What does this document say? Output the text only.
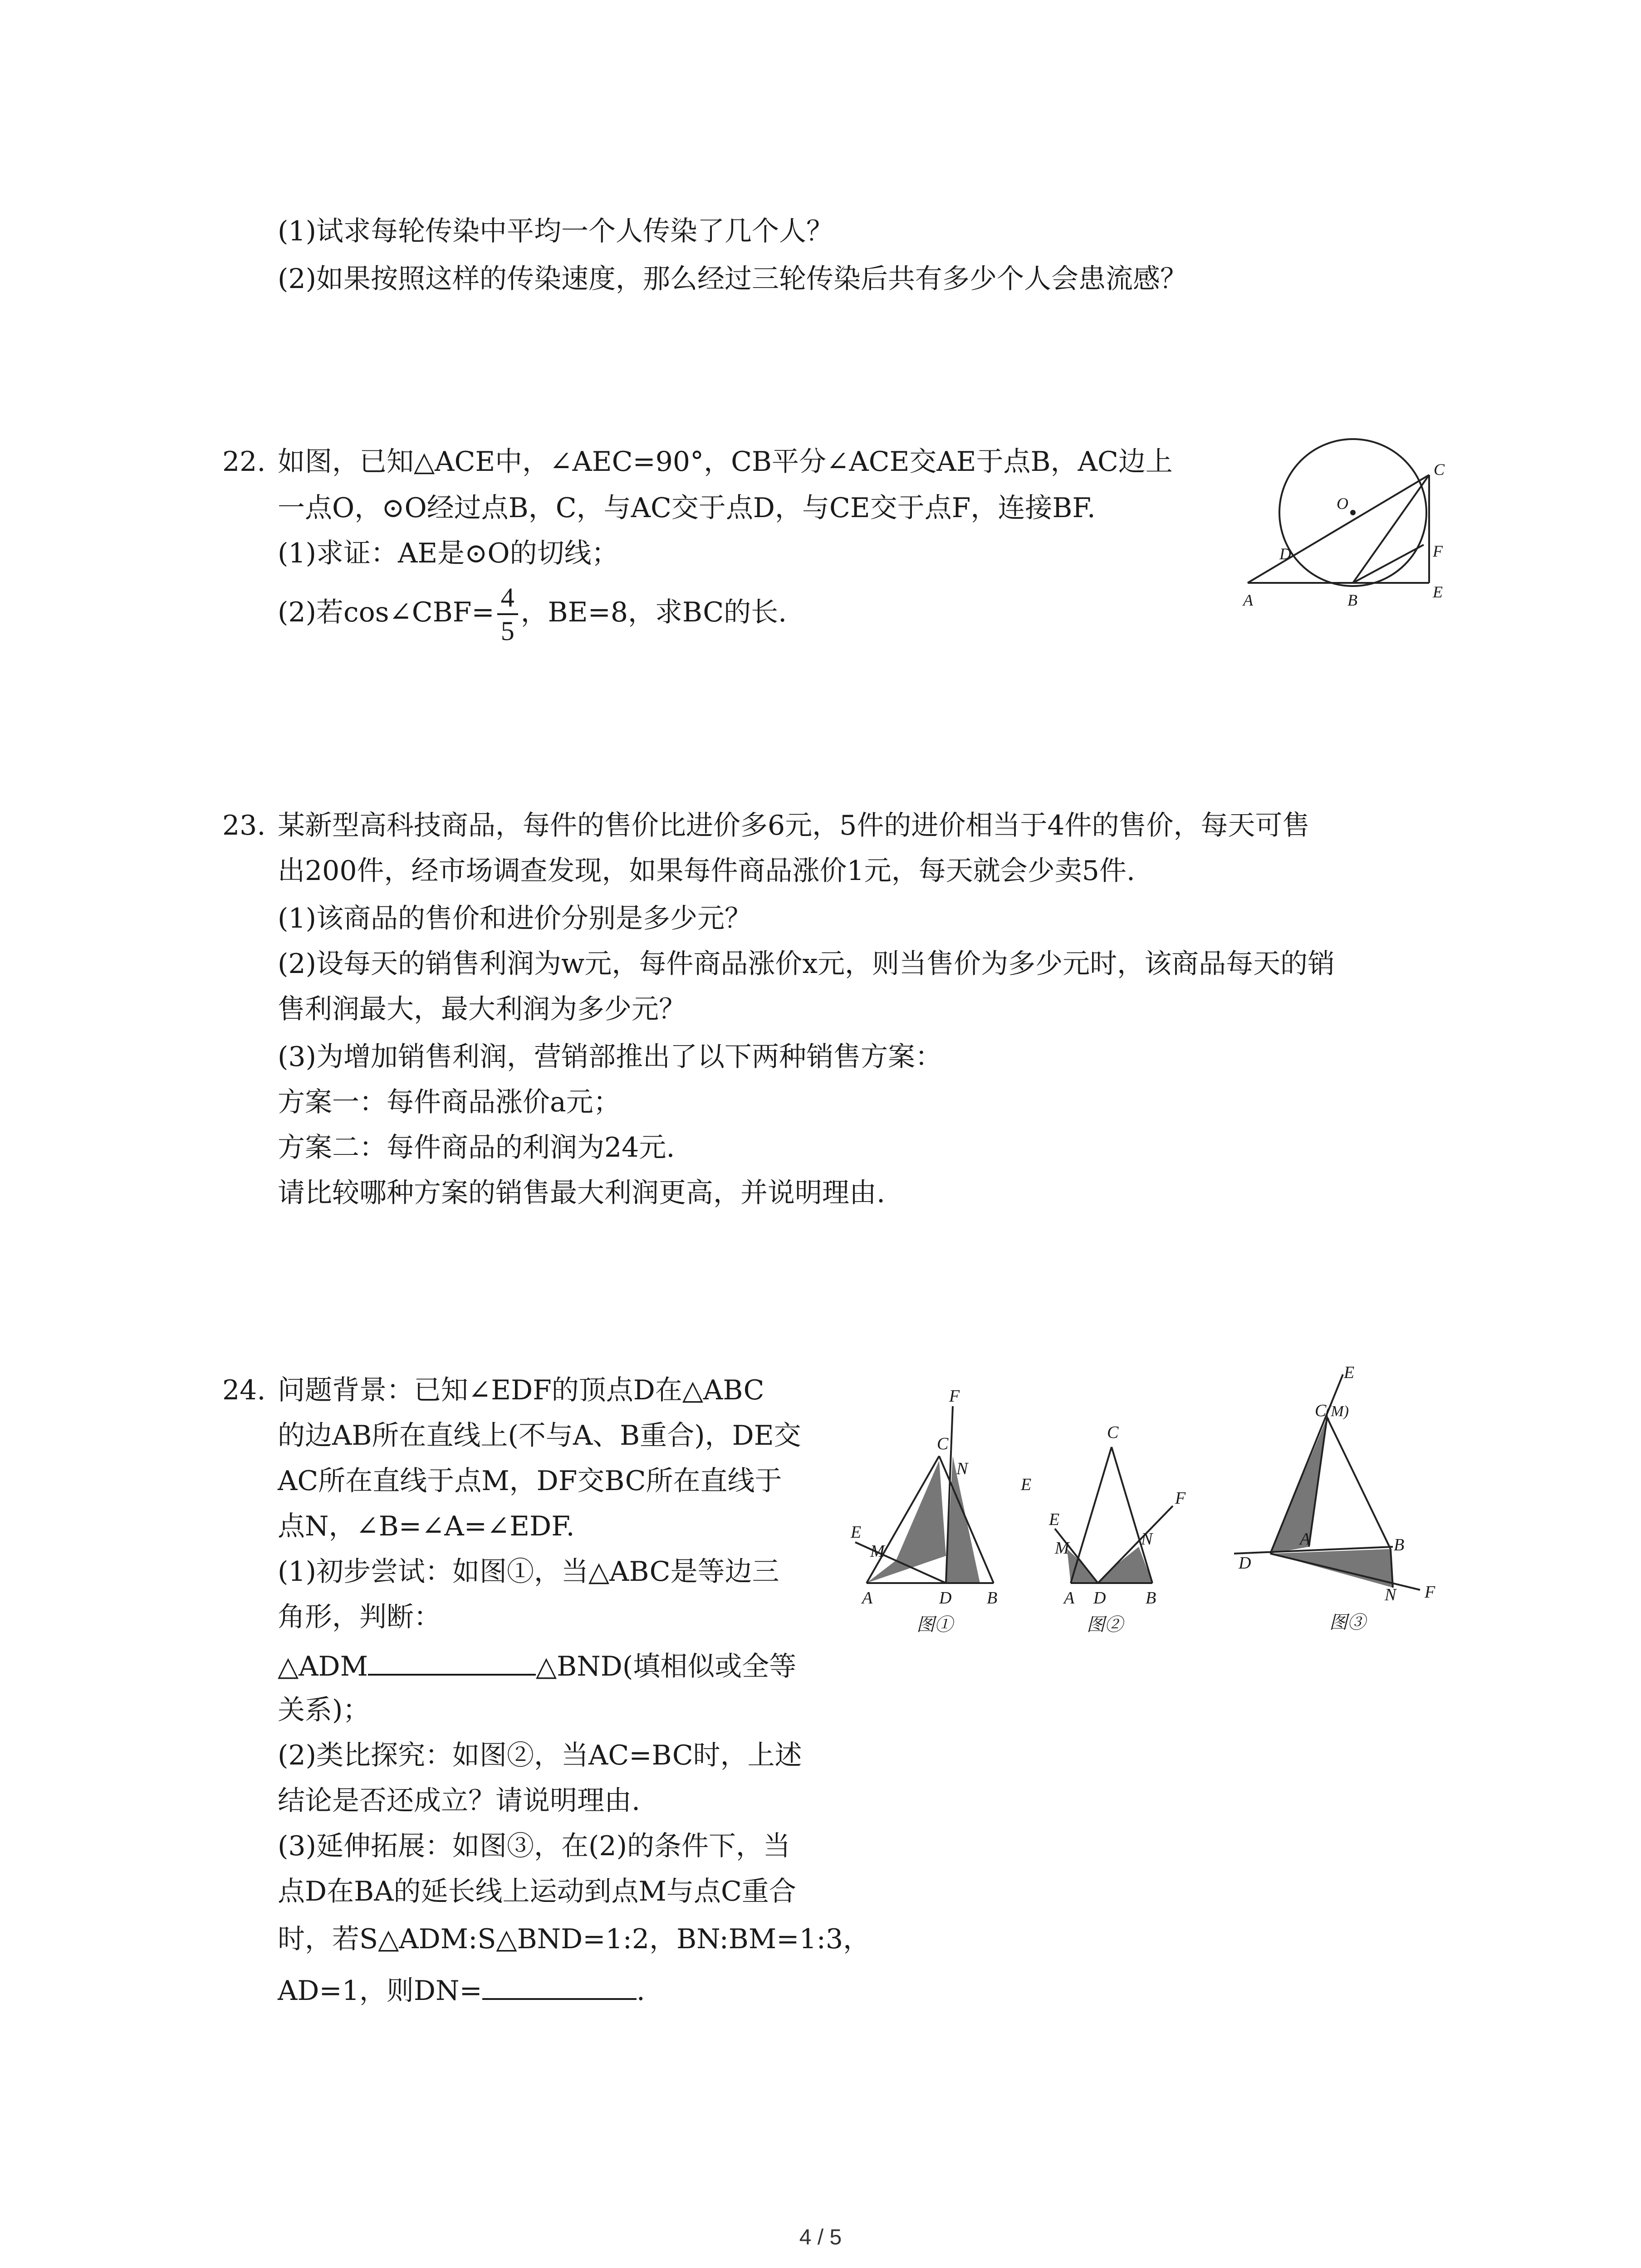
(1)试求每轮传染中平均一个人传染了几个人？
(2)如果按照这样的传染速度，那么经过三轮传染后共有多少个人会患流感？
22. 如图，已知△ACE中，∠AEC=90°，CB平分∠ACE交AE于点B，AC边上
一点O，⊙O经过点B，C，与AC交于点D，与CE交于点F，连接BF.
(1)求证：AE是⊙O的切线；
(2)若cos∠CBF= $\frac{4}{5}$ ，BE=8，求BC的长.
O
C
D	F
A	B	E
23. 某新型高科技商品，每件的售价比进价多6元，5件的进价相当于4件的售价，每天可售
出200件，经市场调查发现，如果每件商品涨价1元，每天就会少卖5件.
(1)该商品的售价和进价分别是多少元？
(2)设每天的销售利润为w元，每件商品涨价x元，则当售价为多少元时，该商品每天的销
售利润最大，最大利润为多少元？
(3)为增加销售利润，营销部推出了以下两种销售方案：
方案一：每件商品涨价a元；
方案二：每件商品的利润为24元.
请比较哪种方案的销售最大利润更高，并说明理由.
24. 问题背景：已知∠EDF的顶点D在△ABC
的边AB所在直线上(不与A、B重合)，DE交
AC所在直线于点M，DF交BC所在直线于
点N，∠B=∠A=∠EDF.
(1)初步尝试：如图①，当△ABC是等边三
角形，判断：
△ADM	△BND(填相似或全等
关系)；
(2)类比探究：如图②，当AC=BC时，上述
结论是否还成立？请说明理由.
(3)延伸拓展：如图③，在(2)的条件下，当
点D在BA的延长线上运动到点M与点C重合
时，若S△ADM:S△BND=1:2，BN:BM=1:3，
AD=1，则DN=	.
C
F
N
E
M
A	D B
图①
C
E
E
F
M	N
A D B
图②
E
C
(M)
A
D
B
N F
图③
4 / 5
